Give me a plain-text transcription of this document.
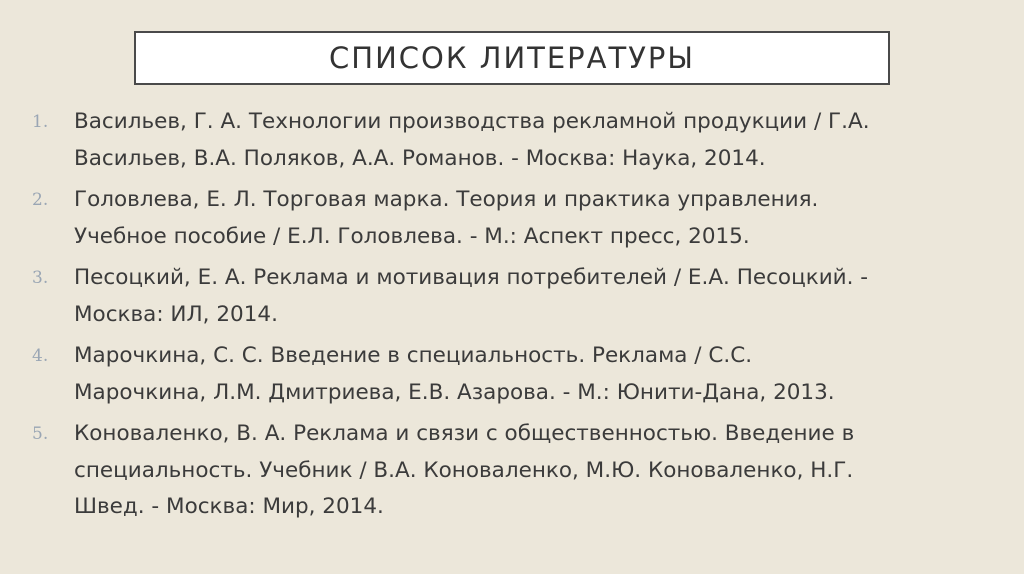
СПИСОК ЛИТЕРАТУРЫ
1.	Васильев, Г. А. Технологии производства рекламной продукции / Г.А.
Васильев, В.А. Поляков, А.А. Романов. - Москва: Наука, 2014.
2.	Головлева, Е. Л. Торговая марка. Теория и практика управления.
Учебное пособие / Е.Л. Головлева. - М.: Аспект пресс, 2015.
3.	Песоцкий, Е. А. Реклама и мотивация потребителей / Е.А. Песоцкий. -
Москва: ИЛ, 2014.
4.	Марочкина, С. С. Введение в специальность. Реклама / С.С.
Марочкина, Л.М. Дмитриева, Е.В. Азарова. - М.: Юнити-Дана, 2013.
5.	Коноваленко, В. А. Реклама и связи с общественностью. Введение в
специальность. Учебник / В.А. Коноваленко, М.Ю. Коноваленко, Н.Г.
Швед. - Москва: Мир, 2014.
